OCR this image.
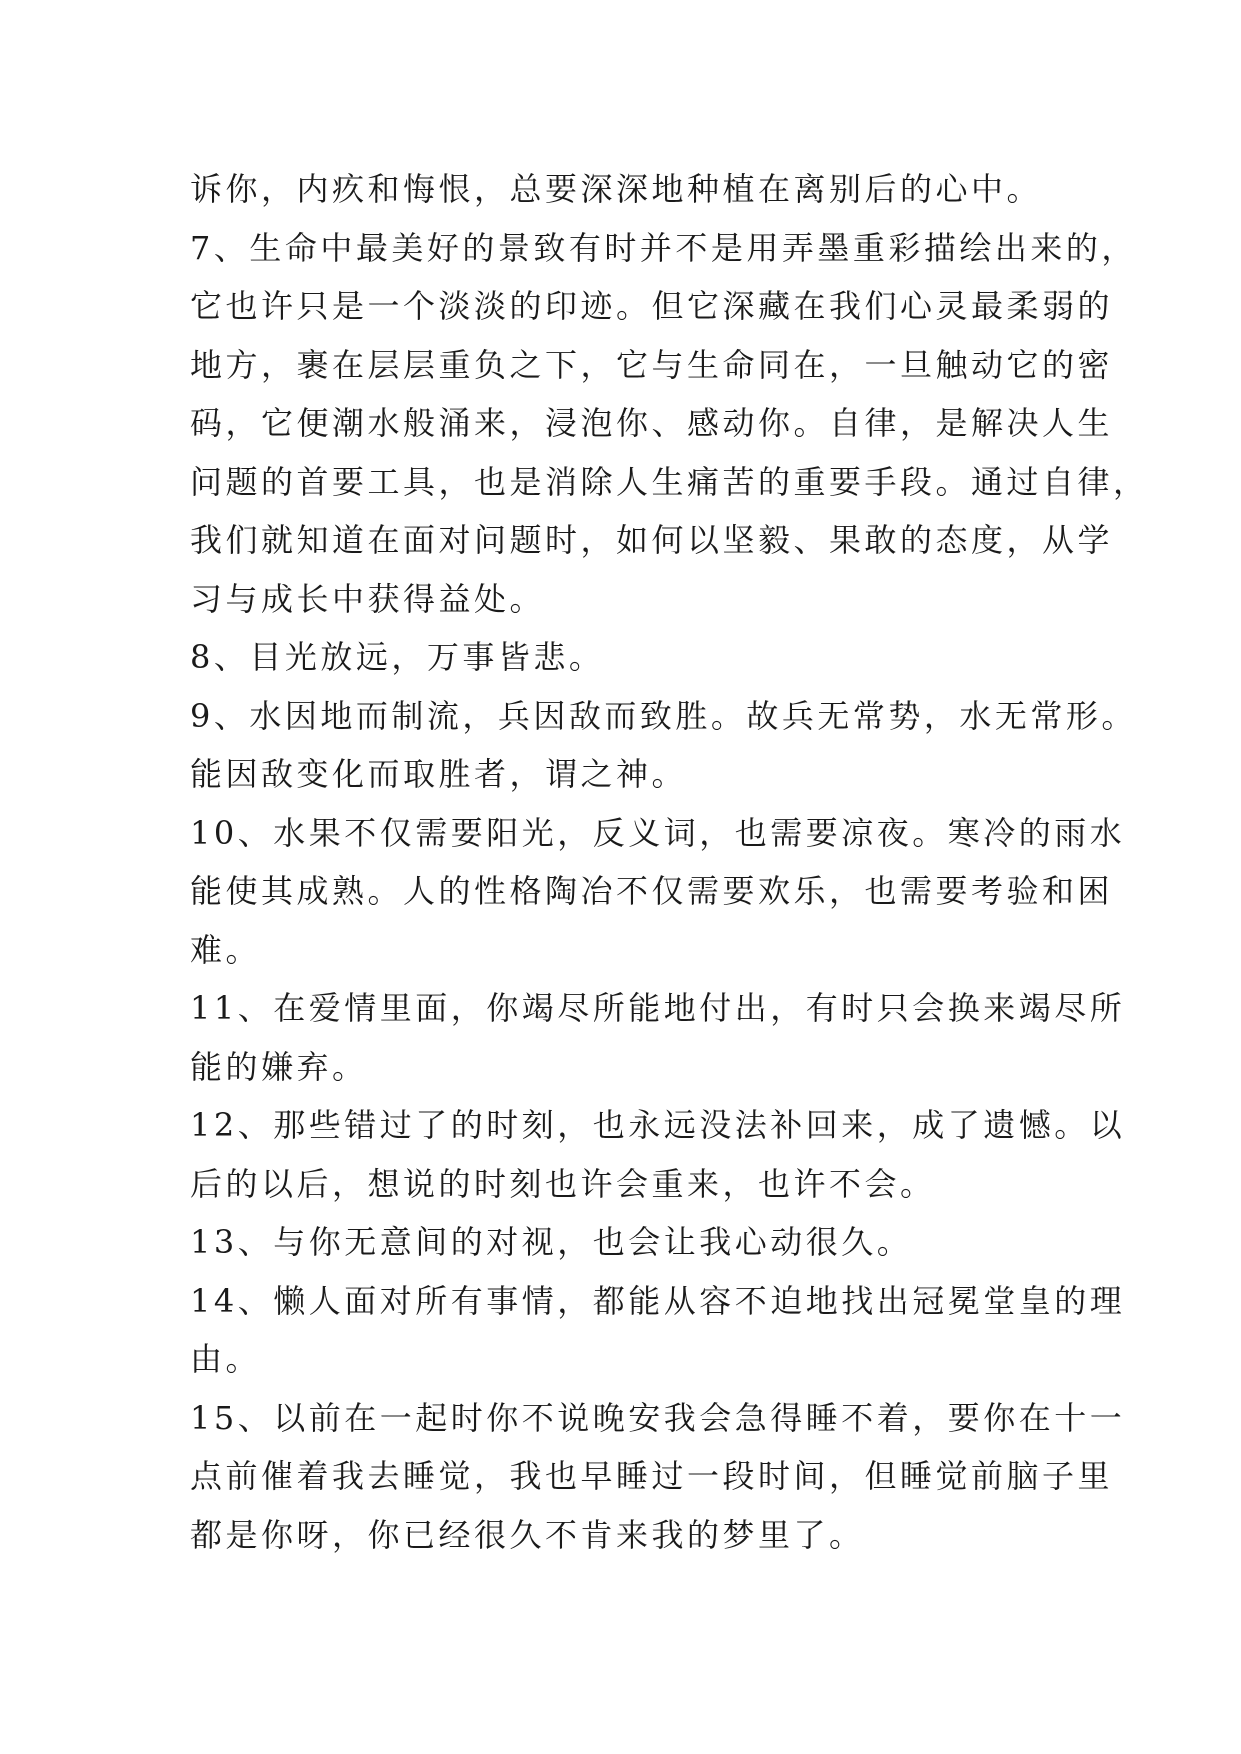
诉你，内疚和悔恨，总要深深地种植在离别后的心中。
7、生命中最美好的景致有时并不是用弄墨重彩描绘出来的，
它也许只是一个淡淡的印迹。但它深藏在我们心灵最柔弱的
地方，裹在层层重负之下，它与生命同在，一旦触动它的密
码，它便潮水般涌来，浸泡你、感动你。自律，是解决人生
问题的首要工具，也是消除人生痛苦的重要手段。通过自律，
我们就知道在面对问题时，如何以坚毅、果敢的态度，从学
习与成长中获得益处。
8、目光放远，万事皆悲。
9、水因地而制流，兵因敌而致胜。故兵无常势，水无常形。
能因敌变化而取胜者，谓之神。
10、水果不仅需要阳光，反义词，也需要凉夜。寒冷的雨水
能使其成熟。人的性格陶冶不仅需要欢乐，也需要考验和困
难。
11、在爱情里面，你竭尽所能地付出，有时只会换来竭尽所
能的嫌弃。
12、那些错过了的时刻，也永远没法补回来，成了遗憾。以
后的以后，想说的时刻也许会重来，也许不会。
13、与你无意间的对视，也会让我心动很久。
14、懒人面对所有事情，都能从容不迫地找出冠冕堂皇的理
由。
15、以前在一起时你不说晚安我会急得睡不着，要你在十一
点前催着我去睡觉，我也早睡过一段时间，但睡觉前脑子里
都是你呀，你已经很久不肯来我的梦里了。
